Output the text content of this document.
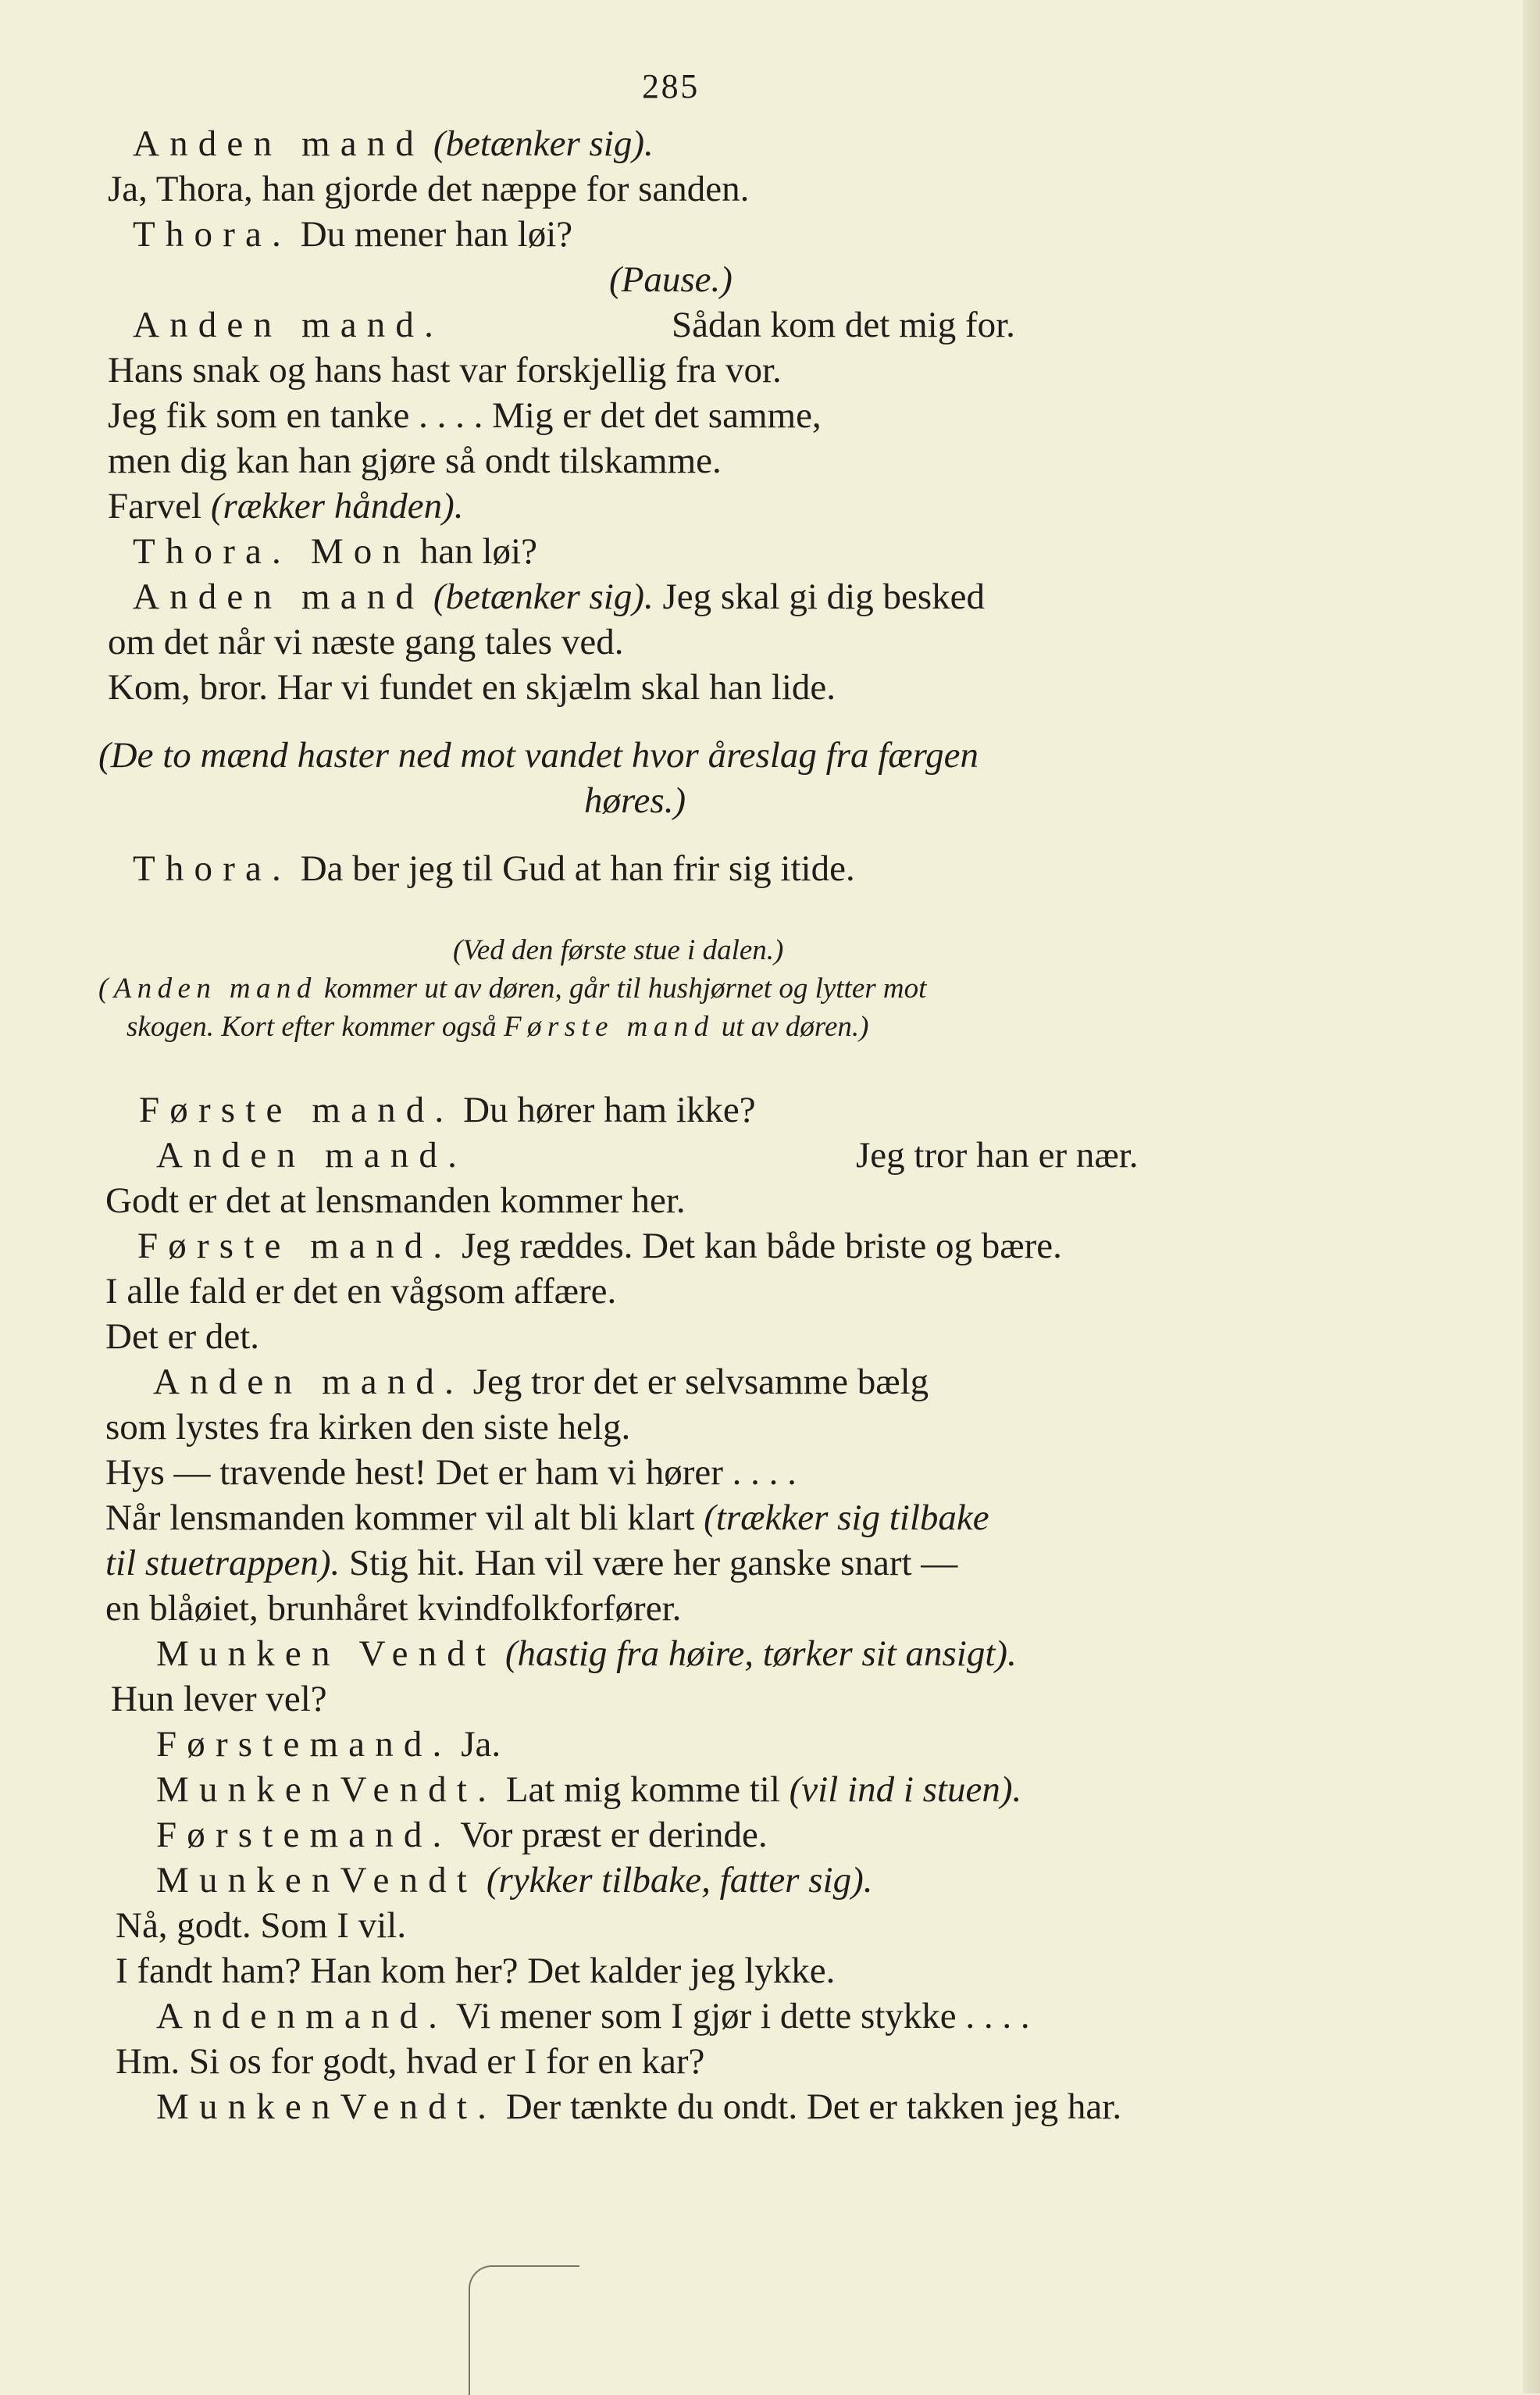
285
Anden mand (betænker sig).
Ja, Thora, han gjorde det næppe for sanden.
Thora. Du mener han løi?
(Pause.)
Anden mand.	Sådan kom det mig for.
Hans snak og hans hast var forskjellig fra vor.
Jeg fik som en tanke . . . . Mig er det det samme,
men dig kan han gjøre så ondt tilskamme.
Farvel (rækker hånden).
Thora. Mon han løi?
Anden mand (betænker sig). Jeg skal gi dig besked
om det når vi næste gang tales ved.
Kom, bror. Har vi fundet en skjælm skal han lide.
(De to mænd haster ned mot vandet hvor åreslag fra færgen
høres.)
Thora. Da ber jeg til Gud at han frir sig itide.
(Ved den første stue i dalen.)
(Anden mand kommer ut av døren, går til hushjørnet og lytter mot
skogen. Kort efter kommer også Første mand ut av døren.)
Første mand. Du hører ham ikke?
Anden mand.	Jeg tror han er nær.
Godt er det at lensmanden kommer her.
Første mand. Jeg ræddes. Det kan både briste og bære.
I alle fald er det en vågsom affære.
Det er det.
Anden mand. Jeg tror det er selvsamme bælg
som lystes fra kirken den siste helg.
Hys — travende hest! Det er ham vi hører . . . .
Når lensmanden kommer vil alt bli klart (trækker sig tilbake
til stuetrappen). Stig hit. Han vil være her ganske snart —
en blåøiet, brunhåret kvindfolkforfører.
Munken Vendt (hastig fra høire, tørker sit ansigt).
Hun lever vel?
Førstemand. Ja.
MunkenVendt. Lat mig komme til (vil ind i stuen).
Førstemand. Vor præst er derinde.
MunkenVendt (rykker tilbake, fatter sig).
Nå, godt. Som I vil.
I fandt ham? Han kom her? Det kalder jeg lykke.
Andenmand. Vi mener som I gjør i dette stykke . . . .
Hm. Si os for godt, hvad er I for en kar?
MunkenVendt. Der tænkte du ondt. Det er takken jeg har.
